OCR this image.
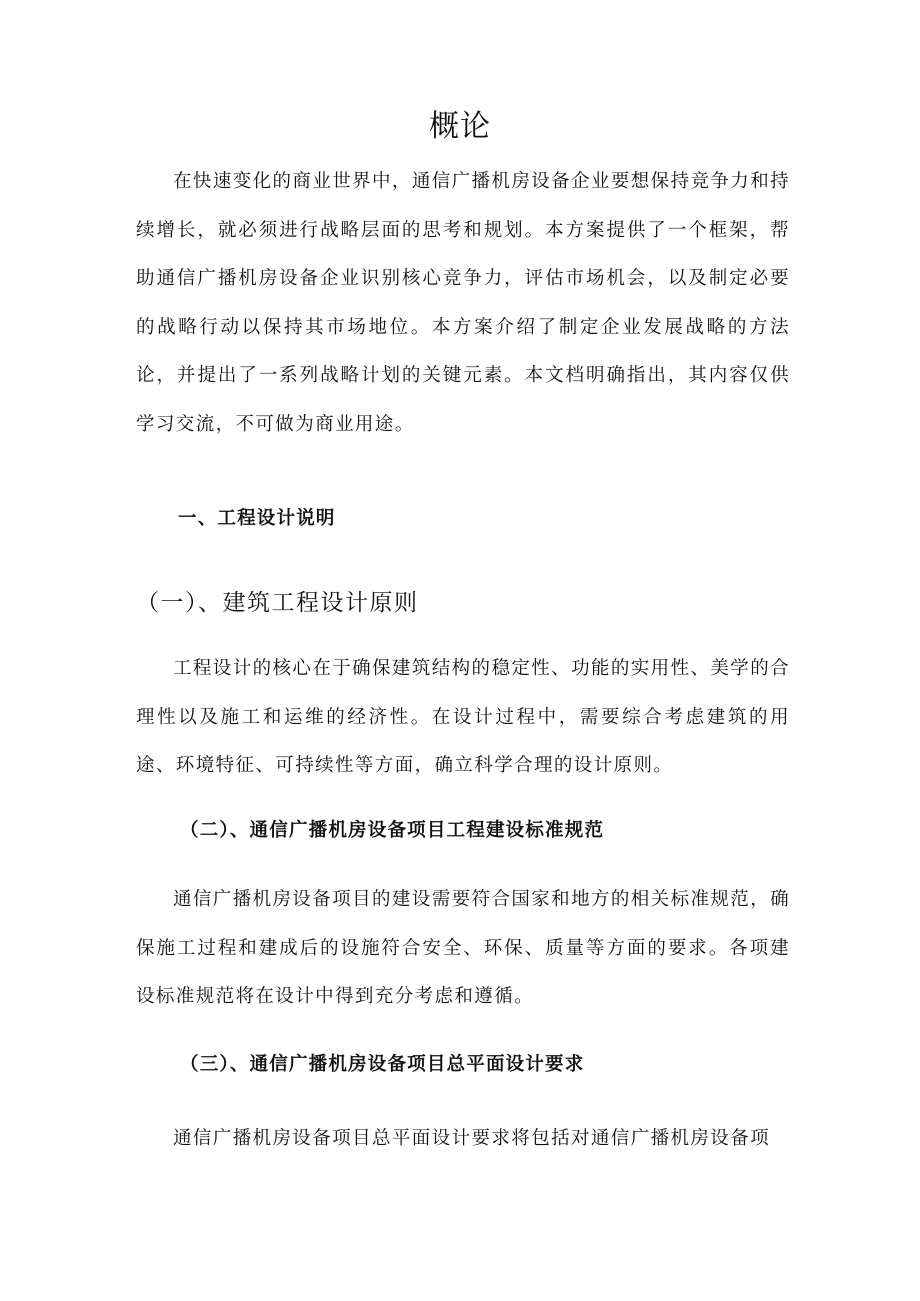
概论

在快速变化的商业世界中，通信广播机房设备企业要想保持竞争力和持续增长，就必须进行战略层面的思考和规划。本方案提供了一个框架，帮助通信广播机房设备企业识别核心竞争力，评估市场机会，以及制定必要的战略行动以保持其市场地位。本方案介绍了制定企业发展战略的方法论，并提出了一系列战略计划的关键元素。本文档明确指出，其内容仅供学习交流，不可做为商业用途。

一、工程设计说明
（一）、建筑工程设计原则

工程设计的核心在于确保建筑结构的稳定性、功能的实用性、美学的合理性以及施工和运维的经济性。在设计过程中，需要综合考虑建筑的用途、环境特征、可持续性等方面，确立科学合理的设计原则。

（二）、通信广播机房设备项目工程建设标准规范

通信广播机房设备项目的建设需要符合国家和地方的相关标准规范，确保施工过程和建成后的设施符合安全、环保、质量等方面的要求。各项建设标准规范将在设计中得到充分考虑和遵循。

（三）、通信广播机房设备项目总平面设计要求

通信广播机房设备项目总平面设计要求将包括对通信广播机房设备项
